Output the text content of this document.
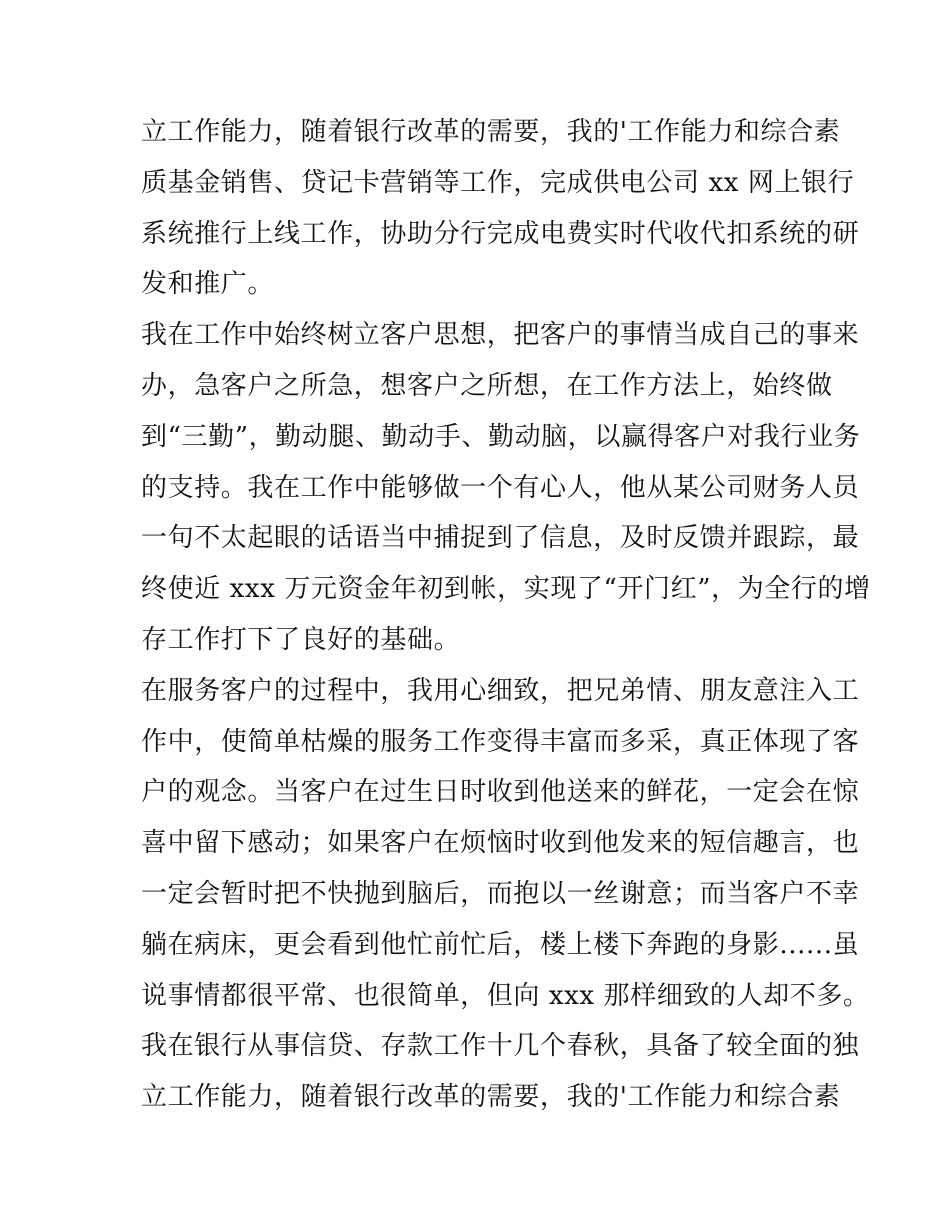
立工作能力，随着银行改革的需要，我的'工作能力和综合素
质基金销售、贷记卡营销等工作，完成供电公司 xx 网上银行
系统推行上线工作，协助分行完成电费实时代收代扣系统的研
发和推广。
我在工作中始终树立客户思想，把客户的事情当成自己的事来
办，急客户之所急，想客户之所想，在工作方法上，始终做
到“三勤”，勤动腿、勤动手、勤动脑，以赢得客户对我行业务
的支持。我在工作中能够做一个有心人，他从某公司财务人员
一句不太起眼的话语当中捕捉到了信息，及时反馈并跟踪，最
终使近 xxx 万元资金年初到帐，实现了“开门红”，为全行的增
存工作打下了良好的基础。
在服务客户的过程中，我用心细致，把兄弟情、朋友意注入工
作中，使简单枯燥的服务工作变得丰富而多采，真正体现了客
户的观念。当客户在过生日时收到他送来的鲜花，一定会在惊
喜中留下感动；如果客户在烦恼时收到他发来的短信趣言，也
一定会暂时把不快抛到脑后，而抱以一丝谢意；而当客户不幸
躺在病床，更会看到他忙前忙后，楼上楼下奔跑的身影......虽
说事情都很平常、也很简单，但向 xxx 那样细致的人却不多。
我在银行从事信贷、存款工作十几个春秋，具备了较全面的独
立工作能力，随着银行改革的需要，我的'工作能力和综合素
